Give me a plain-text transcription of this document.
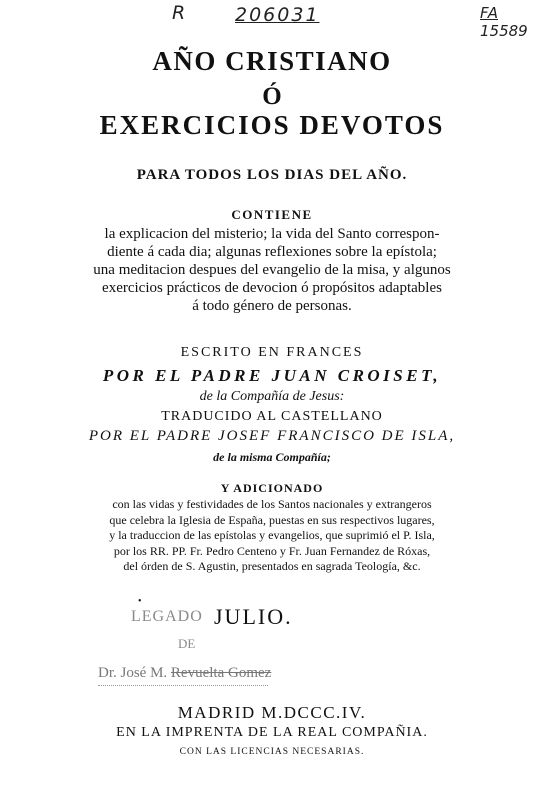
R	206031	FA
15589
AÑO CRISTIANO
Ó
EXERCICIOS DEVOTOS
PARA TODOS LOS DIAS DEL AÑO.
CONTIENE
la explicacion del misterio; la vida del Santo correspon-
diente á cada dia; algunas reflexiones sobre la epístola;
una meditacion despues del evangelio de la misa, y algunos
exercicios prácticos de devocion ó propósitos adaptables
á todo género de personas.
ESCRITO EN FRANCES
POR EL PADRE JUAN CROISET,
de la Compañía de Jesus:
TRADUCIDO AL CASTELLANO
POR EL PADRE JOSEF FRANCISCO DE ISLA,
de la misma Compañía;
Y ADICIONADO
con las vidas y festividades de los Santos nacionales y extrangeros
que celebra la Iglesia de España, puestas en sus respectivos lugares,
y la traduccion de las epístolas y evangelios, que suprimió el P. Isla,
por los RR. PP. Fr. Pedro Centeno y Fr. Juan Fernandez de Róxas,
del órden de S. Agustin, presentados en sagrada Teología, &c.
•
LEGADO
DE
JULIO.
Dr. José M. Revuelta Gomez
MADRID M.DCCC.IV.
EN LA IMPRENTA DE LA REAL COMPAÑIA.
CON LAS LICENCIAS NECESARIAS.
